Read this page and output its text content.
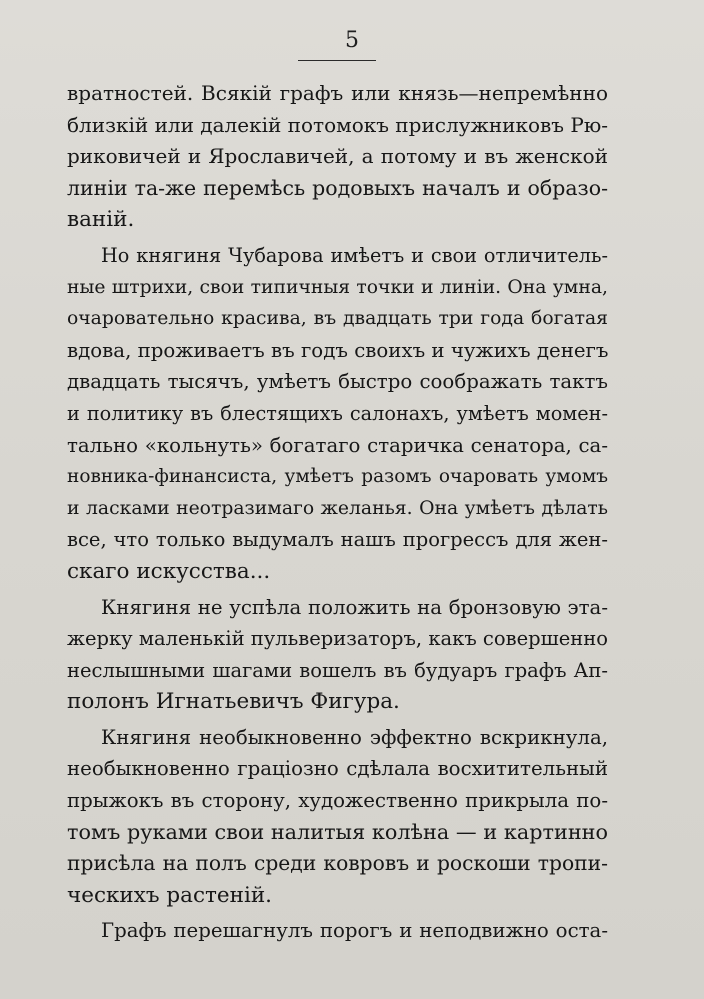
5
вратностей. Всякій графъ или князь—непремѣнно
близкій или далекій потомокъ прислужниковъ Рю-
риковичей и Ярославичей, а потому и въ женской
линіи та-же перемѣсь родовыхъ началъ и образо-
ваній.
Но княгиня Чубарова имѣетъ и свои отличитель-
ные штрихи, свои типичныя точки и линіи. Она умна,
очаровательно красива, въ двадцать три года богатая
вдова, проживаетъ въ годъ своихъ и чужихъ денегъ
двадцать тысячъ, умѣетъ быстро соображать тактъ
и политику въ блестящихъ салонахъ, умѣетъ момен-
тально «кольнуть» богатаго старичка сенатора, са-
новника-финансиста, умѣетъ разомъ очаровать умомъ
и ласками неотразимаго желанья. Она умѣетъ дѣлать
все, что только выдумалъ нашъ прогрессъ для жен-
скаго искусства...
Княгиня не успѣла положить на бронзовую эта-
жерку маленькій пульверизаторъ, какъ совершенно
неслышными шагами вошелъ въ будуаръ графъ Ап-
полонъ Игнатьевичъ Фигура.
Княгиня необыкновенно эффектно вскрикнула,
необыкновенно граціозно сдѣлала восхитительный
прыжокъ въ сторону, художественно прикрыла по-
томъ руками свои налитыя колѣна — и картинно
присѣла на полъ среди ковровъ и роскоши тропи-
ческихъ растеній.
Графъ перешагнулъ порогъ и неподвижно оста-
